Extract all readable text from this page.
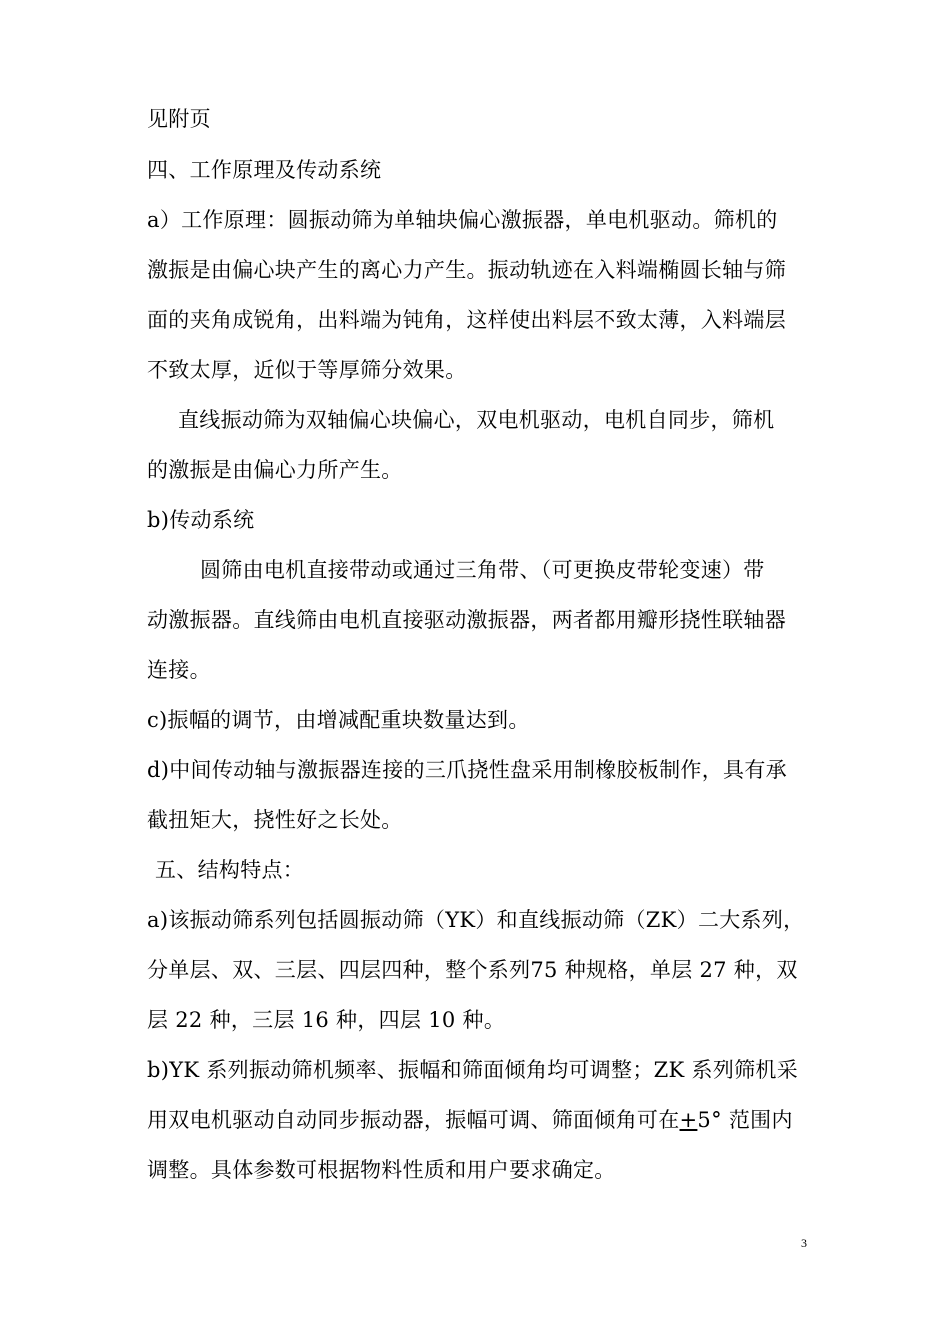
见附页
四、工作原理及传动系统
a）工作原理：圆振动筛为单轴块偏心激振器，单电机驱动。筛机的
激振是由偏心块产生的离心力产生。振动轨迹在入料端椭圆长轴与筛
面的夹角成锐角，出料端为钝角，这样使出料层不致太薄，入料端层
不致太厚，近似于等厚筛分效果。
直线振动筛为双轴偏心块偏心，双电机驱动，电机自同步，筛机
的激振是由偏心力所产生。
b)传动系统
圆筛由电机直接带动或通过三角带、（可更换皮带轮变速）带
动激振器。直线筛由电机直接驱动激振器，两者都用瓣形挠性联轴器
连接。
c)振幅的调节，由增减配重块数量达到。
d)中间传动轴与激振器连接的三爪挠性盘采用制橡胶板制作，具有承
截扭矩大，挠性好之长处。
五、结构特点：
a)该振动筛系列包括圆振动筛（YK）和直线振动筛（ZK）二大系列，
分单层、双、三层、四层四种，整个系列75 种规格，单层 27 种，双
层 22 种，三层 16 种，四层 10 种。
b)YK 系列振动筛机频率、振幅和筛面倾角均可调整；ZK 系列筛机采
用双电机驱动自动同步振动器，振幅可调、筛面倾角可在+5° 范围内
调整。具体参数可根据物料性质和用户要求确定。
3
